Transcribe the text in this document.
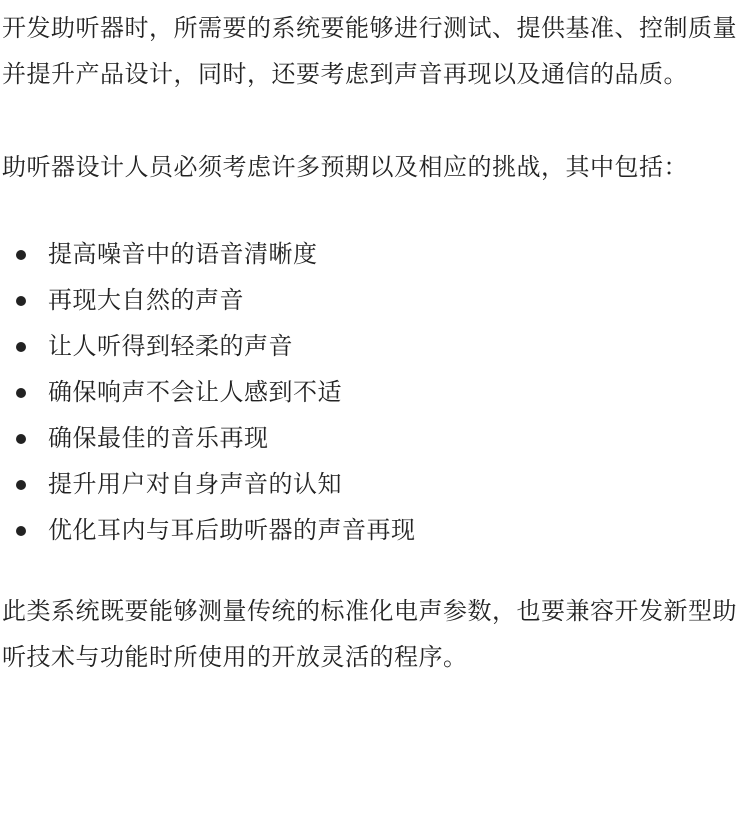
开发助听器时，所需要的系统要能够进行测试、提供基准、控制质量并提升产品设计，同时，还要考虑到声音再现以及通信的品质。

助听器设计人员必须考虑许多预期以及相应的挑战，其中包括：

提高噪音中的语音清晰度
再现大自然的声音
让人听得到轻柔的声音
确保响声不会让人感到不适
确保最佳的音乐再现
提升用户对自身声音的认知
优化耳内与耳后助听器的声音再现

此类系统既要能够测量传统的标准化电声参数，也要兼容开发新型助听技术与功能时所使用的开放灵活的程序。
